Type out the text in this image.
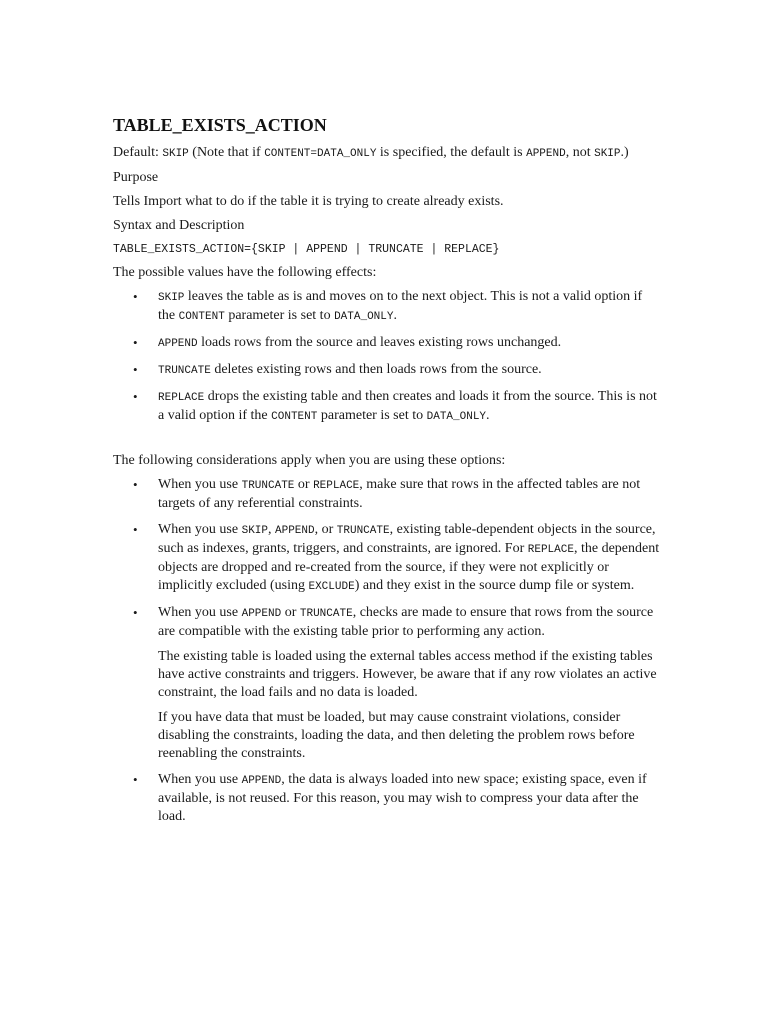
TABLE_EXISTS_ACTION

Default: SKIP (Note that if CONTENT=DATA_ONLY is specified, the default is APPEND, not SKIP.)

Purpose

Tells Import what to do if the table it is trying to create already exists.

Syntax and Description

TABLE_EXISTS_ACTION={SKIP | APPEND | TRUNCATE | REPLACE}

The possible values have the following effects:

• SKIP leaves the table as is and moves on to the next object. This is not a valid option if the CONTENT parameter is set to DATA_ONLY.
• APPEND loads rows from the source and leaves existing rows unchanged.
• TRUNCATE deletes existing rows and then loads rows from the source.
• REPLACE drops the existing table and then creates and loads it from the source. This is not a valid option if the CONTENT parameter is set to DATA_ONLY.

The following considerations apply when you are using these options:

• When you use TRUNCATE or REPLACE, make sure that rows in the affected tables are not targets of any referential constraints.
• When you use SKIP, APPEND, or TRUNCATE, existing table-dependent objects in the source, such as indexes, grants, triggers, and constraints, are ignored. For REPLACE, the dependent objects are dropped and re-created from the source, if they were not explicitly or implicitly excluded (using EXCLUDE) and they exist in the source dump file or system.
• When you use APPEND or TRUNCATE, checks are made to ensure that rows from the source are compatible with the existing table prior to performing any action.
The existing table is loaded using the external tables access method if the existing tables have active constraints and triggers. However, be aware that if any row violates an active constraint, the load fails and no data is loaded.
If you have data that must be loaded, but may cause constraint violations, consider disabling the constraints, loading the data, and then deleting the problem rows before reenabling the constraints.
• When you use APPEND, the data is always loaded into new space; existing space, even if available, is not reused. For this reason, you may wish to compress your data after the load.
